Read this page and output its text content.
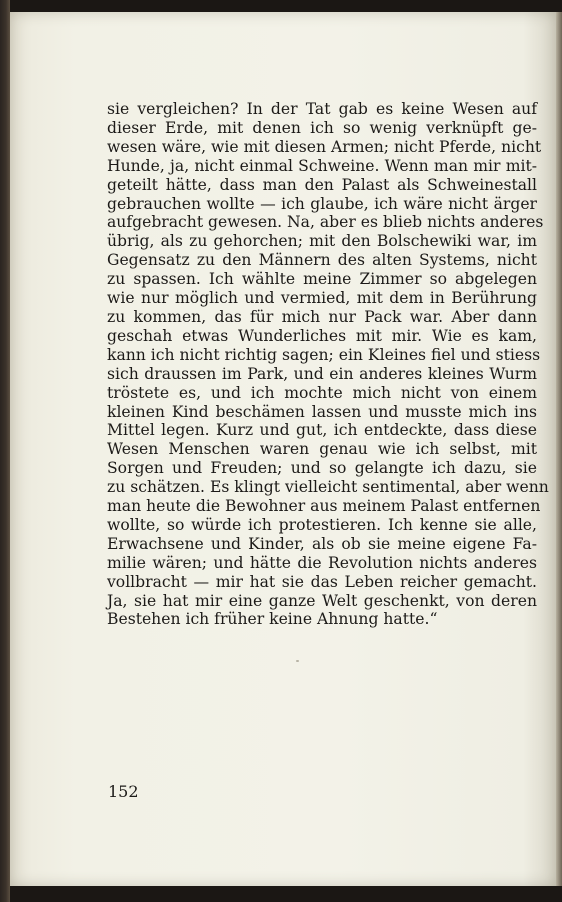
sie vergleichen? In der Tat gab es keine Wesen auf
dieser Erde, mit denen ich so wenig verknüpft ge-
wesen wäre, wie mit diesen Armen; nicht Pferde, nicht
Hunde, ja, nicht einmal Schweine. Wenn man mir mit-
geteilt hätte, dass man den Palast als Schweinestall
gebrauchen wollte — ich glaube, ich wäre nicht ärger
aufgebracht gewesen. Na, aber es blieb nichts anderes
übrig, als zu gehorchen; mit den Bolschewiki war, im
Gegensatz zu den Männern des alten Systems, nicht
zu spassen. Ich wählte meine Zimmer so abgelegen
wie nur möglich und vermied, mit dem in Berührung
zu kommen, das für mich nur Pack war. Aber dann
geschah etwas Wunderliches mit mir. Wie es kam,
kann ich nicht richtig sagen; ein Kleines fiel und stiess
sich draussen im Park, und ein anderes kleines Wurm
tröstete es, und ich mochte mich nicht von einem
kleinen Kind beschämen lassen und musste mich ins
Mittel legen. Kurz und gut, ich entdeckte, dass diese
Wesen Menschen waren genau wie ich selbst, mit
Sorgen und Freuden; und so gelangte ich dazu, sie
zu schätzen. Es klingt vielleicht sentimental, aber wenn
man heute die Bewohner aus meinem Palast entfernen
wollte, so würde ich protestieren. Ich kenne sie alle,
Erwachsene und Kinder, als ob sie meine eigene Fa-
milie wären; und hätte die Revolution nichts anderes
vollbracht — mir hat sie das Leben reicher gemacht.
Ja, sie hat mir eine ganze Welt geschenkt, von deren
Bestehen ich früher keine Ahnung hatte.“
152
